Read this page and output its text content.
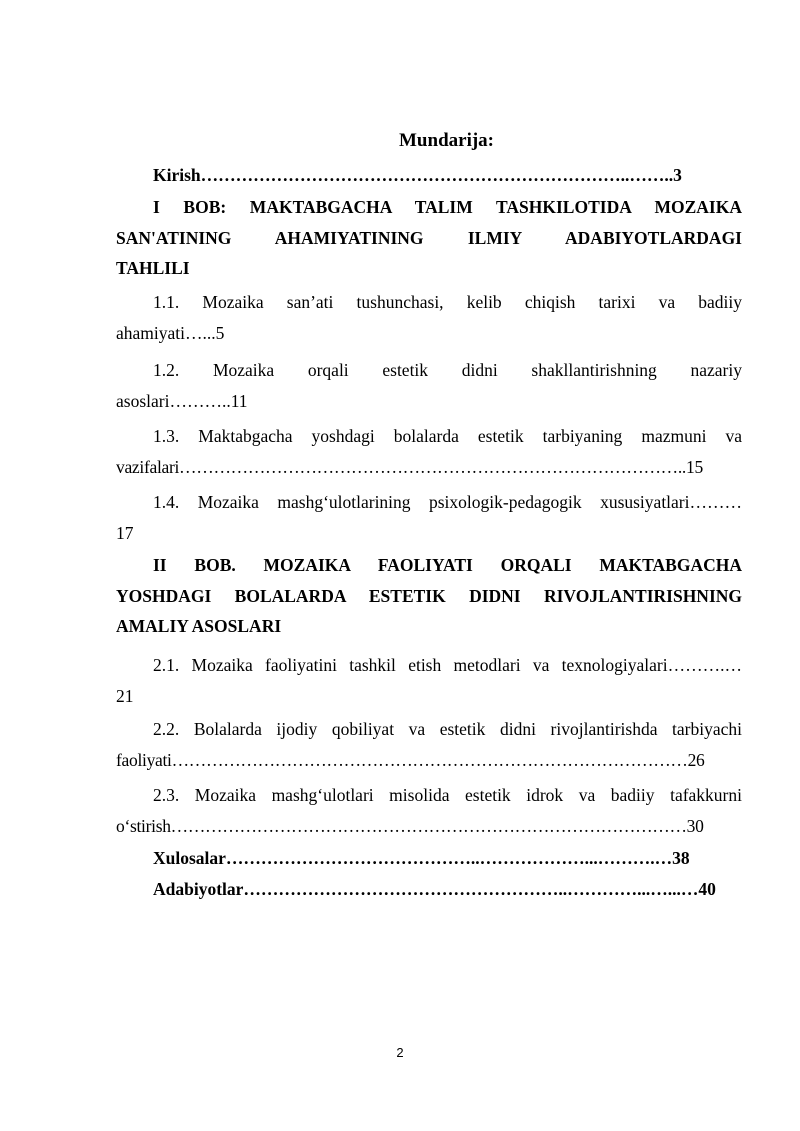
Mundarija:
Kirish………………………………………………………………..……..3
I BOB: MAKTABGACHA TALIM TASHKILOTIDA MOZAIKA
SAN'ATINING AHAMIYATINING ILMIY ADABIYOTLARDAGI
TAHLILI
1.1. Mozaika san’ati tushunchasi, kelib chiqish tarixi va badiiy
ahamiyati…...5
1.2. Mozaika orqali estetik didni shakllantirishning nazariy
asoslari………..11
1.3. Maktabgacha yoshdagi bolalarda estetik tarbiyaning mazmuni va
vazifalari……………………………………………………………………………..15
1.4. Mozaika mashg‘ulotlarining psixologik-pedagogik xususiyatlari………
17
II BOB. MOZAIKA FAOLIYATI ORQALI MAKTABGACHA
YOSHDAGI BOLALARDA ESTETIK DIDNI RIVOJLANTIRISHNING
AMALIY ASOSLARI
2.1. Mozaika faoliyatini tashkil etish metodlari va texnologiyalari……….…
21
2.2. Bolalarda ijodiy qobiliyat va estetik didni rivojlantirishda tarbiyachi
faoliyati………………………………………………………………………………26
2.3. Mozaika mashg‘ulotlari misolida estetik idrok va badiiy tafakkurni
o‘stirish………………………………………………………………………………30
Xulosalar……………………………………..………………...……….…38
Adabiyotlar………………………………………………..…………...…...…40
2
